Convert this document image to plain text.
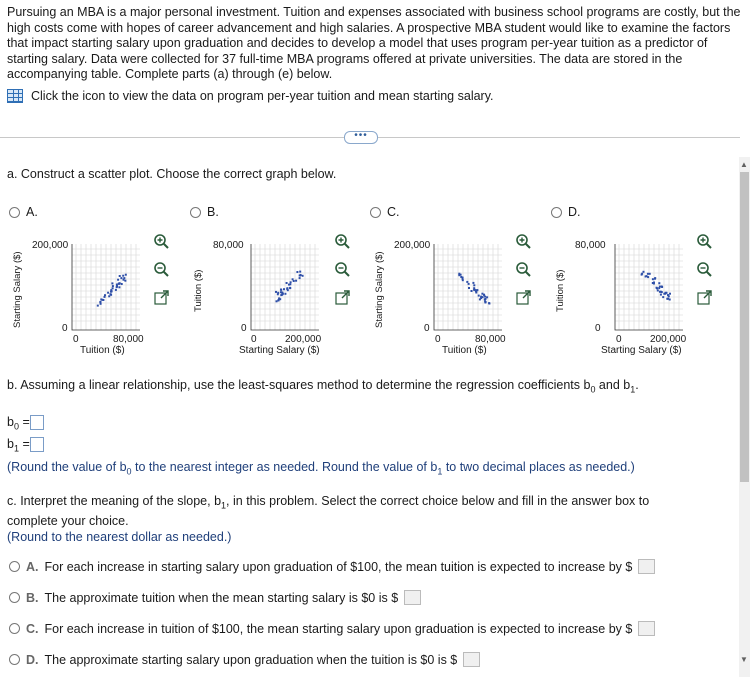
Pursuing an MBA is a major personal investment. Tuition and expenses associated with business school programs are costly, but the high costs come with hopes of career advancement and high salaries. A prospective MBA student would like to examine the factors that impact starting salary upon graduation and decides to develop a model that uses program per-year tuition as a predictor of starting salary. Data were collected for 37 full-time MBA programs offered at private universities. The data are stored in the accompanying table. Complete parts (a) through (e) below.
Click the icon to view the data on program per-year tuition and mean starting salary.
•••
a. Construct a scatter plot. Choose the correct graph below.
A.	B.	C.	D.
Starting Salary ($)
200,000
0
0	80,000
Tuition ($)
Tuition ($)
80,000
0
0	200,000
Starting Salary ($)
Starting Salary ($)
200,000
0
0	80,000
Tuition ($)
Tuition ($)
80,000
0
0	200,000
Starting Salary ($)
b. Assuming a linear relationship, use the least-squares method to determine the regression coefficients $b_0$ and $b_1$.
$b_0$ =
$b_1$ =
(Round the value of $b_0$ to the nearest integer as needed. Round the value of $b_1$ to two decimal places as needed.)
c. Interpret the meaning of the slope, $b_1$, in this problem. Select the correct choice below and fill in the answer box to
complete your choice.
(Round to the nearest dollar as needed.)
A. For each increase in starting salary upon graduation of $100, the mean tuition is expected to increase by $
B. The approximate tuition when the mean starting salary is $0 is $
C. For each increase in tuition of $100, the mean starting salary upon graduation is expected to increase by $
D. The approximate starting salary upon graduation when the tuition is $0 is $
▲
▼
